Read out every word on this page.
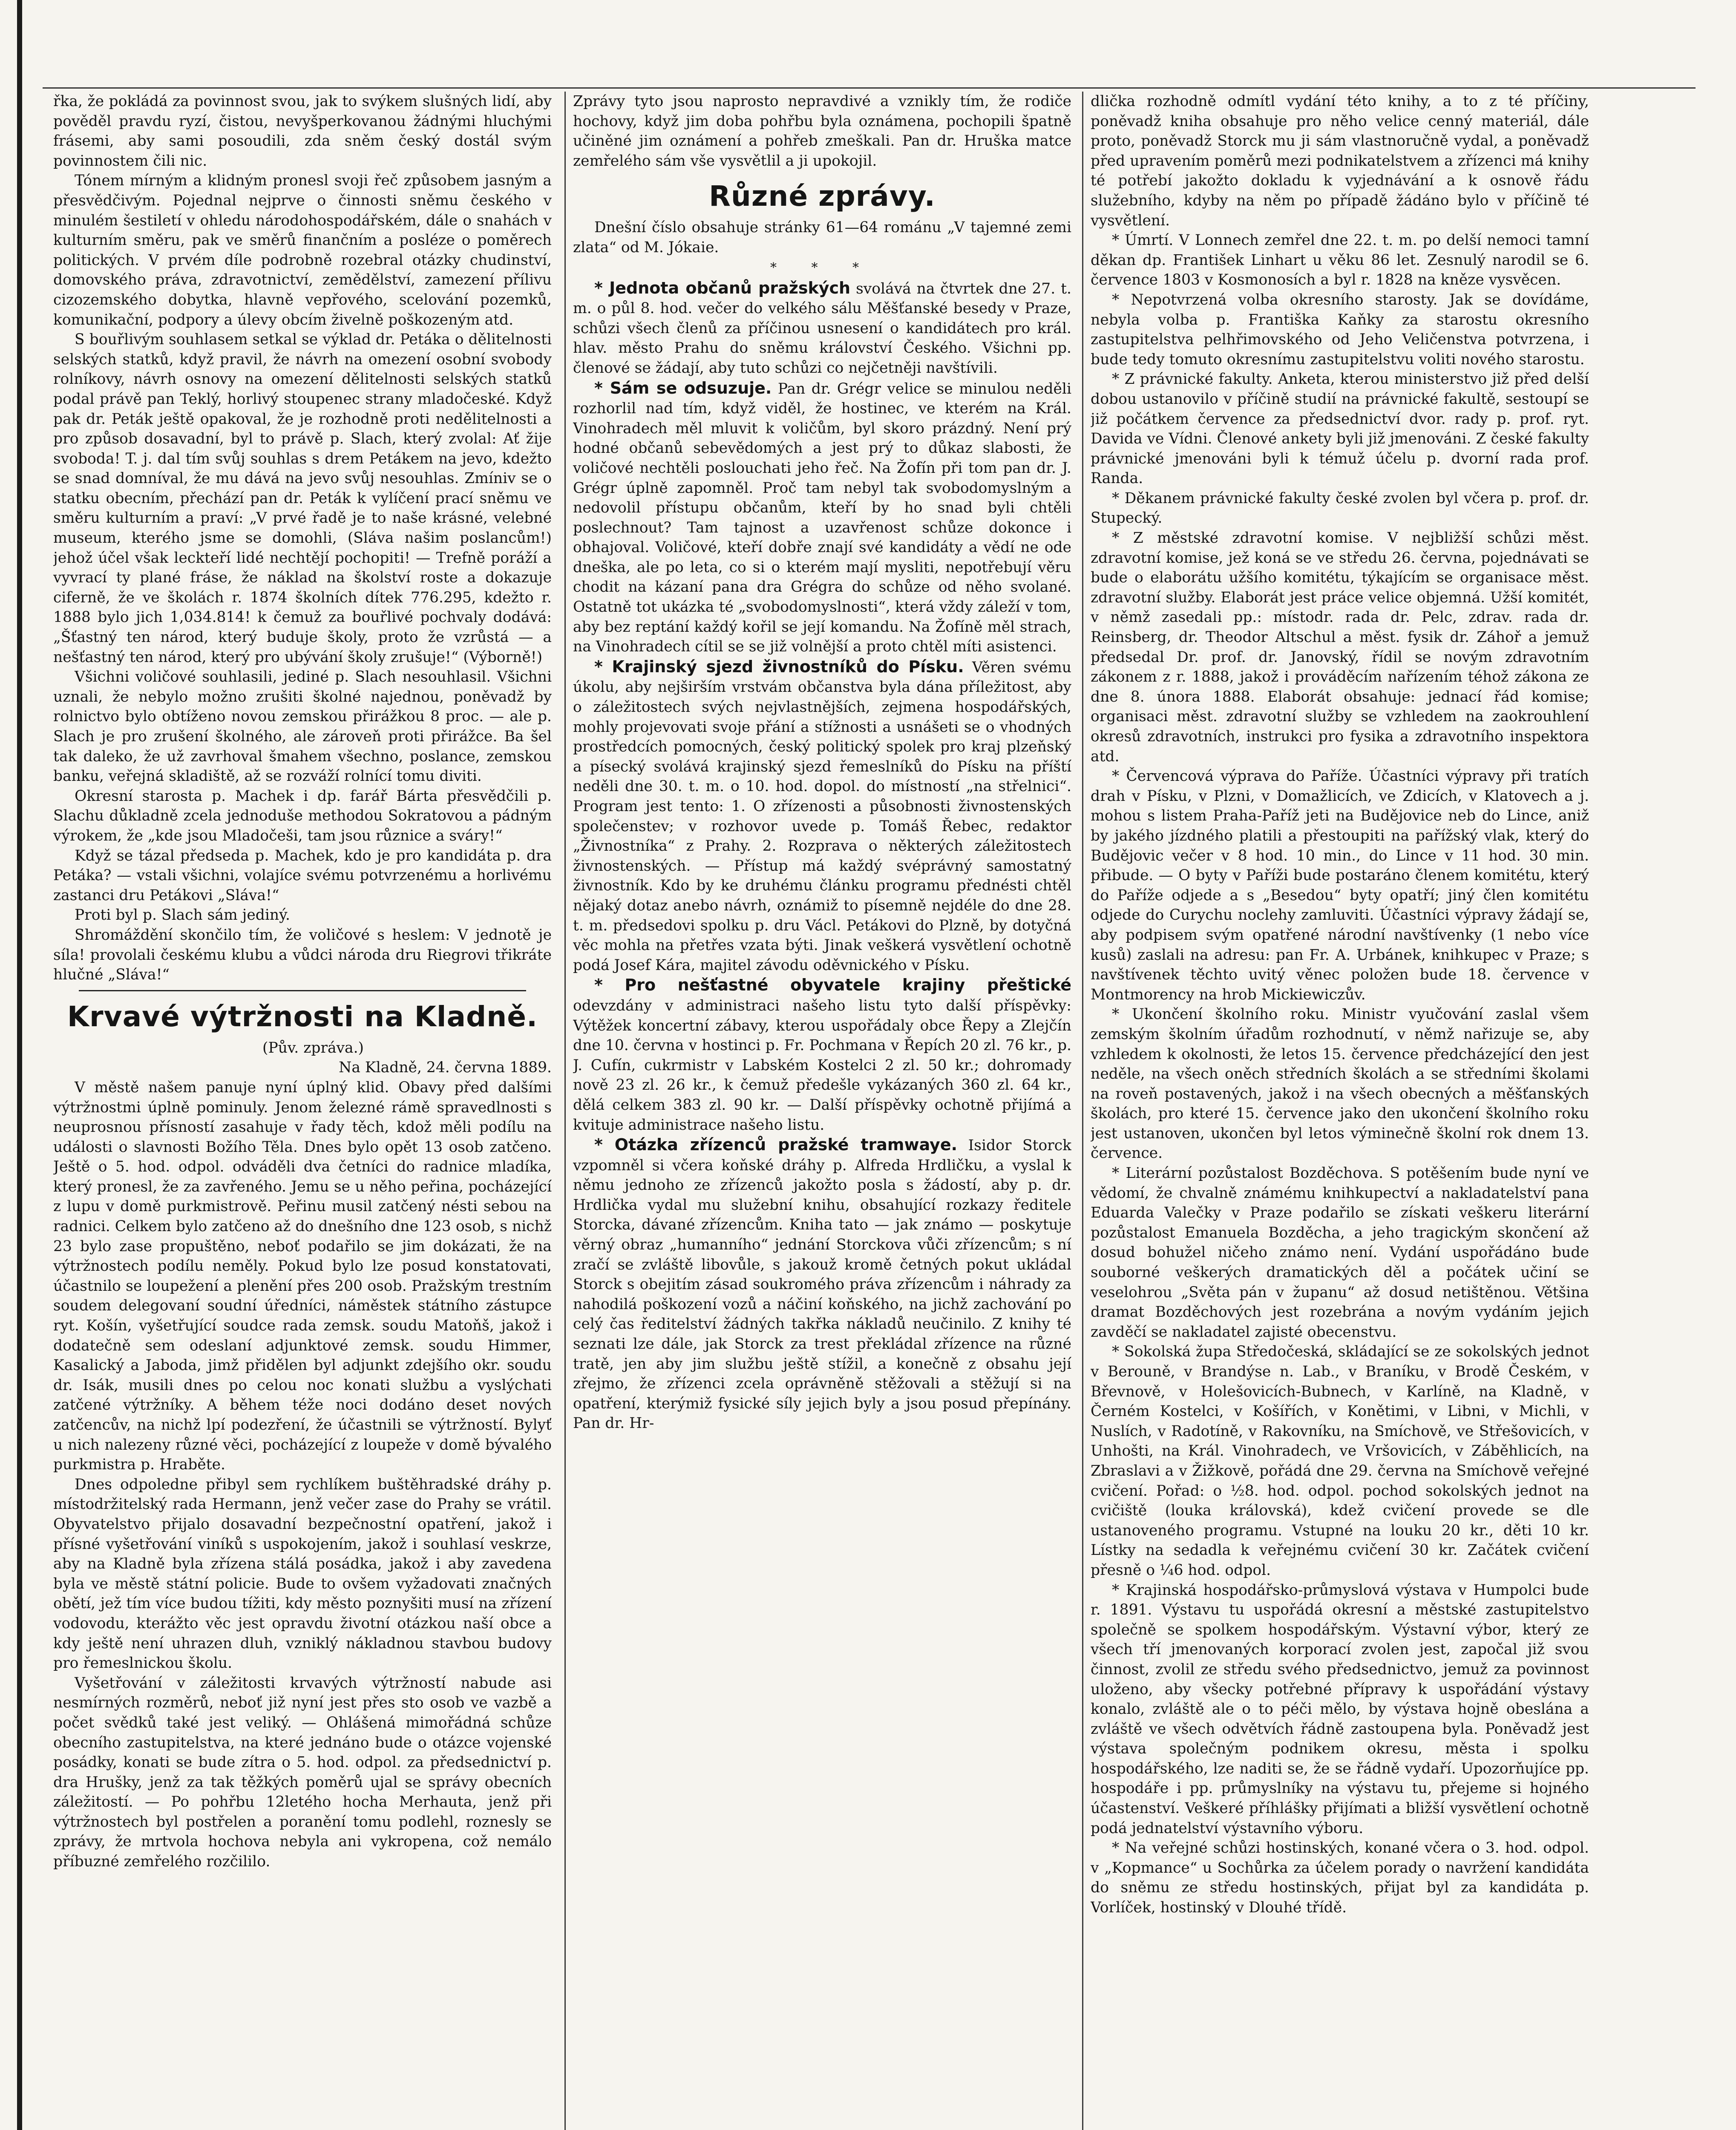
řka, že pokládá za povinnost svou, jak to svýkem slušných lidí, aby pověděl pravdu ryzí, čistou, nevyšperkovanou žádnými hluchými frásemi, aby sami posoudili, zda sněm český dostál svým povinnostem čili nic.

Tónem mírným a klidným pronesl svoji řeč způsobem jasným a přesvědčivým. Pojednal nejprve o činnosti sněmu českého v minulém šestiletí v ohledu národohospodářském, dále o snahách v kulturním směru, pak ve směrů finančním a posléze o poměrech politických. V prvém díle podrobně rozebral otázky chudinství, domovského práva, zdravotnictví, zemědělství, zamezení přílivu cizozemského dobytka, hlavně vepřového, scelování pozemků, komunikační, podpory a úlevy obcím živelně poškozeným atd.

S bouřlivým souhlasem setkal se výklad dr. Petáka o dělitelnosti selských statků, když pravil, že návrh na omezení osobní svobody rolníkovy, návrh osnovy na omezení dělitelnosti selských statků podal právě pan Teklý, horlivý stoupenec strany mladočeské. Když pak dr. Peták ještě opakoval, že je rozhodně proti nedělitelnosti a pro způsob dosavadní, byl to právě p. Slach, který zvolal: Ať žije svoboda! T. j. dal tím svůj souhlas s drem Petákem na jevo, kdežto se snad domníval, že mu dává na jevo svůj nesouhlas. Zmíniv se o statku obecním, přechází pan dr. Peták k vylíčení prací sněmu ve směru kulturním a praví: „V prvé řadě je to naše krásné, velebné museum, kterého jsme se domohli, (Sláva našim poslancům!) jehož účel však leckteří lidé nechtějí pochopiti! — Trefně poráží a vyvrací ty plané fráse, že náklad na školství roste a dokazuje ciferně, že ve školách r. 1874 školních dítek 776.295, kdežto r. 1888 bylo jich 1,034.814! k čemuž za bouřlivé pochvaly dodává: „Šťastný ten národ, který buduje školy, proto že vzrůstá — a nešťastný ten národ, který pro ubývání školy zrušuje!“ (Výborně!)

Všichni voličové souhlasili, jediné p. Slach nesouhlasil. Všichni uznali, že nebylo možno zrušiti školné najednou, poněvadž by rolnictvo bylo obtíženo novou zemskou přirážkou 8 proc. — ale p. Slach je pro zrušení školného, ale zároveň proti přirážce. Ba šel tak daleko, že už zavrhoval šmahem všechno, poslance, zemskou banku, veřejná skladiště, až se rozváží rolnící tomu diviti.

Okresní starosta p. Machek i dp. farář Bárta přesvědčili p. Slachu důkladně zcela jednoduše methodou Sokratovou a pádným výrokem, že „kde jsou Mladočeši, tam jsou různice a sváry!“

Když se tázal předseda p. Machek, kdo je pro kandidáta p. dra Petáka? — vstali všichni, volajíce svému potvrzenému a horlivému zastanci dru Petákovi „Sláva!“

Proti byl p. Slach sám jediný.

Shromáždění skončilo tím, že voličové s heslem: V jednotě je síla! provolali českému klubu a vůdci národa dru Riegrovi třikráte hlučné „Sláva!“

Krvavé výtržnosti na Kladně.

(Pův. zpráva.)

Na Kladně, 24. června 1889.

V městě našem panuje nyní úplný klid. Obavy před dalšími výtržnostmi úplně pominuly. Jenom železné rámě spravedlnosti s neuprosnou přísností zasahuje v řady těch, kdož měli podílu na události o slavnosti Božího Těla. Dnes bylo opět 13 osob zatčeno. Ještě o 5. hod. odpol. odváděli dva četníci do radnice mladíka, který pronesl, že za zavřeného. Jemu se u něho peřina, pocházející z lupu v domě purkmistrově. Peřinu musil zatčený nésti sebou na radnici. Celkem bylo zatčeno až do dnešního dne 123 osob, s nichž 23 bylo zase propuštěno, neboť podařilo se jim dokázati, že na výtržnostech podílu neměly. Pokud bylo lze posud konstatovati, účastnilo se loupežení a plenění přes 200 osob. Pražským trestním soudem delegovaní soudní úředníci, náměstek státního zástupce ryt. Košín, vyšetřující soudce rada zemsk. soudu Matoňš, jakož i dodatečně sem odeslaní adjunktové zemsk. soudu Himmer, Kasalický a Jaboda, jimž přidělen byl adjunkt zdejšího okr. soudu dr. Isák, musili dnes po celou noc konati službu a vyslýchati zatčené výtržníky. A během téže noci dodáno deset nových zatčencův, na nichž lpí podezření, že účastnili se výtržností. Bylyť u nich nalezeny různé věci, pocházející z loupeže v domě bývalého purkmistra p. Hraběte.

Dnes odpoledne přibyl sem rychlíkem buštěhradské dráhy p. místodržitelský rada Hermann, jenž večer zase do Prahy se vrátil. Obyvatelstvo přijalo dosavadní bezpečnostní opatření, jakož i přísné vyšetřování viníků s uspokojením, jakož i souhlasí veskrze, aby na Kladně byla zřízena stálá posádka, jakož i aby zavedena byla ve městě státní policie. Bude to ovšem vyžadovati značných obětí, jež tím více budou tížiti, kdy město poznyšiti musí na zřízení vodovodu, kterážto věc jest opravdu životní otázkou naší obce a kdy ještě není uhrazen dluh, vzniklý nákladnou stavbou budovy pro řemeslnickou školu.

Vyšetřování v záležitosti krvavých výtržností nabude asi nesmírných rozměrů, neboť již nyní jest přes sto osob ve vazbě a počet svědků také jest veliký. — Ohlášená mimořádná schůze obecního zastupitelstva, na které jednáno bude o otázce vojenské posádky, konati se bude zítra o 5. hod. odpol. za předsednictví p. dra Hrušky, jenž za tak těžkých poměrů ujal se správy obecních záležitostí. — Po pohřbu 12letého hocha Merhauta, jenž při výtržnostech byl postřelen a poranění tomu podlehl, roznesly se zprávy, že mrtvola hochova nebyla ani vykropena, což nemálo příbuzné zemřelého rozčililo.

Zprávy tyto jsou naprosto nepravdivé a vznikly tím, že rodiče hochovy, když jim doba pohřbu byla oznámena, pochopili špatně učiněné jim oznámení a pohřeb zmeškali. Pan dr. Hruška matce zemřelého sám vše vysvětlil a ji upokojil.

Různé zprávy.

Dnešní číslo obsahuje stránky 61—64 románu „V tajemné zemi zlata“ od M. Jókaie.

* * *

* Jednota občanů pražských svolává na čtvrtek dne 27. t. m. o půl 8. hod. večer do velkého sálu Měšťanské besedy v Praze, schůzi všech členů za příčinou usnesení o kandidátech pro král. hlav. město Prahu do sněmu království Českého. Všichni pp. členové se žádají, aby tuto schůzi co nejčetněji navštívili.

* Sám se odsuzuje. Pan dr. Grégr velice se minulou neděli rozhorlil nad tím, když viděl, že hostinec, ve kterém na Král. Vinohradech měl mluvit k voličům, byl skoro prázdný. Není prý hodné občanů sebevědomých a jest prý to důkaz slabosti, že voličové nechtěli poslouchati jeho řeč. Na Žofín při tom pan dr. J. Grégr úplně zapomněl. Proč tam nebyl tak svobodomyslným a nedovolil přístupu občanům, kteří by ho snad byli chtěli poslechnout? Tam tajnost a uzavřenost schůze dokonce i obhajoval. Voličové, kteří dobře znají své kandidáty a vědí ne ode dneška, ale po leta, co si o kterém mají mysliti, nepotřebují věru chodit na kázaní pana dra Grégra do schůze od něho svolané. Ostatně tot ukázka té „svobodomyslnosti“, která vždy záleží v tom, aby bez reptání každý kořil se její komandu. Na Žofíně měl strach, na Vinohradech cítil se se již volnější a proto chtěl míti asistenci.

* Krajinský sjezd živnostníků do Písku. Věren svému úkolu, aby nejširším vrstvám občanstva byla dána příležitost, aby o záležitostech svých nejvlastnějších, zejmena hospodářských, mohly projevovati svoje přání a stížnosti a usnášeti se o vhodných prostředcích pomocných, český politický spolek pro kraj plzeňský a písecký svolává krajinský sjezd řemeslníků do Písku na příští neděli dne 30. t. m. o 10. hod. dopol. do místností „na střelnici“. Program jest tento: 1. O zřízenosti a působnosti živnostenských společenstev; v rozhovor uvede p. Tomáš Řebec, redaktor „Živnostníka“ z Prahy. 2. Rozprava o některých záležitostech živnostenských. — Přístup má každý svéprávný samostatný živnostník. Kdo by ke druhému článku programu přednésti chtěl nějaký dotaz anebo návrh, oznámiž to písemně nejdéle do dne 28. t. m. předsedovi spolku p. dru Václ. Petákovi do Plzně, by dotyčná věc mohla na přetřes vzata býti. Jinak veškerá vysvětlení ochotně podá Josef Kára, majitel závodu oděvnického v Písku.

* Pro nešťastné obyvatele krajiny přeštické odevzdány v administraci našeho listu tyto další příspěvky: Výtěžek koncertní zábavy, kterou uspořádaly obce Řepy a Zlejčín dne 10. června v hostinci p. Fr. Pochmana v Řepích 20 zl. 76 kr., p. J. Cufín, cukrmistr v Labském Kostelci 2 zl. 50 kr.; dohromady nově 23 zl. 26 kr., k čemuž předešle vykázaných 360 zl. 64 kr., dělá celkem 383 zl. 90 kr. — Další příspěvky ochotně přijímá a kvituje administrace našeho listu.

* Otázka zřízenců pražské tramwaye. Isidor Storck vzpomněl si včera koňské dráhy p. Alfreda Hrdličku, a vyslal k němu jednoho ze zřízenců jakožto posla s žádostí, aby p. dr. Hrdlička vydal mu služební knihu, obsahující rozkazy ředitele Storcka, dávané zřízencům. Kniha tato — jak známo — poskytuje věrný obraz „humanního“ jednání Storckova vůči zřízencům; s ní zračí se zvláště libovůle, s jakouž kromě četných pokut ukládal Storck s obejitím zásad soukromého práva zřízencům i náhrady za nahodilá poškození vozů a náčiní koňského, na jichž zachování po celý čas ředitelství žádných takřka nákladů neučinilo. Z knihy té seznati lze dále, jak Storck za trest překládal zřízence na různé tratě, jen aby jim službu ještě stížil, a konečně z obsahu její zřejmo, že zřízenci zcela oprávněně stěžovali a stěžují si na opatření, kterýmiž fysické síly jejich byly a jsou posud přepínány. Pan dr. Hr-

dlička rozhodně odmítl vydání této knihy, a to z té příčiny, poněvadž kniha obsahuje pro něho velice cenný materiál, dále proto, poněvadž Storck mu ji sám vlastnoručně vydal, a poněvadž před upravením poměrů mezi podnikatelstvem a zřízenci má knihy té potřebí jakožto dokladu k vyjednávání a k osnově řádu služebního, kdyby na něm po případě žádáno bylo v příčině té vysvětlení.

* Úmrtí. V Lonnech zemřel dne 22. t. m. po delší nemoci tamní děkan dp. František Linhart u věku 86 let. Zesnulý narodil se 6. července 1803 v Kosmonosích a byl r. 1828 na kněze vysvěcen.

* Nepotvrzená volba okresního starosty. Jak se dovídáme, nebyla volba p. Františka Kaňky za starostu okresního zastupitelstva pelhřimovského od Jeho Veličenstva potvrzena, i bude tedy tomuto okresnímu zastupitelstvu voliti nového starostu.

* Z právnické fakulty. Anketa, kterou ministerstvo již před delší dobou ustanovilo v příčině studií na právnické fakultě, sestoupí se již počátkem července za předsednictví dvor. rady p. prof. ryt. Davida ve Vídni. Členové ankety byli již jmenováni. Z české fakulty právnické jmenováni byli k témuž účelu p. dvorní rada prof. Randa.

* Děkanem právnické fakulty české zvolen byl včera p. prof. dr. Stupecký.

* Z městské zdravotní komise. V nejbližší schůzi měst. zdravotní komise, jež koná se ve středu 26. června, pojednávati se bude o elaborátu užšího komitétu, týkajícím se organisace měst. zdravotní služby. Elaborát jest práce velice objemná. Užší komitét, v němž zasedali pp.: místodr. rada dr. Pelc, zdrav. rada dr. Reinsberg, dr. Theodor Altschul a měst. fysik dr. Záhoř a jemuž předsedal Dr. prof. dr. Janovský, řídil se novým zdravotním zákonem z r. 1888, jakož i prováděcím nařízením téhož zákona ze dne 8. února 1888. Elaborát obsahuje: jednací řád komise; organisaci měst. zdravotní služby se vzhledem na zaokrouhlení okresů zdravotních, instrukci pro fysika a zdravotního inspektora atd.

* Červencová výprava do Paříže. Účastníci výpravy při tratích drah v Písku, v Plzni, v Domažlicích, ve Zdicích, v Klatovech a j. mohou s listem Praha-Paříž jeti na Budějovice neb do Lince, aniž by jakého jízdného platili a přestoupiti na pařížský vlak, který do Budějovic večer v 8 hod. 10 min., do Lince v 11 hod. 30 min. přibude. — O byty v Paříži bude postaráno členem komitétu, který do Paříže odjede a s „Besedou“ byty opatří; jiný člen komitétu odjede do Curychu noclehy zamluviti. Účastníci výpravy žádají se, aby podpisem svým opatřené národní navštívenky (1 nebo více kusů) zaslali na adresu: pan Fr. A. Urbánek, knihkupec v Praze; s navštívenek těchto uvitý věnec položen bude 18. července v Montmorency na hrob Mickiewiczův.

* Ukončení školního roku. Ministr vyučování zaslal všem zemským školním úřadům rozhodnutí, v němž nařizuje se, aby vzhledem k okolnosti, že letos 15. července předcházející den jest neděle, na všech oněch středních školách a se středními školami na roveň postavených, jakož i na všech obecných a měšťanských školách, pro které 15. července jako den ukončení školního roku jest ustanoven, ukončen byl letos výminečně školní rok dnem 13. července.

* Literární pozůstalost Bozděchova. S potěšením bude nyní ve vědomí, že chvalně známému knihkupectví a nakladatelství pana Eduarda Valečky v Praze podařilo se získati veškeru literární pozůstalost Emanuela Bozděcha, a jeho tragickým skončení až dosud bohužel ničeho známo není. Vydání uspořádáno bude souborné veškerých dramatických děl a počátek učiní se veselohrou „Světa pán v županu“ až dosud netištěnou. Většina dramat Bozděchových jest rozebrána a novým vydáním jejich zavděčí se nakladatel zajisté obecenstvu.

* Sokolská župa Středočeská, skládající se ze sokolských jednot v Berouně, v Brandýse n. Lab., v Braníku, v Brodě Českém, v Břevnově, v Holešovicích-Bubnech, v Karlíně, na Kladně, v Černém Kostelci, v Košířích, v Konětimi, v Libni, v Michli, v Nuslích, v Radotíně, v Rakovníku, na Smíchově, ve Střešovicích, v Unhošti, na Král. Vinohradech, ve Vršovicích, v Záběhlicích, na Zbraslavi a v Žižkově, pořádá dne 29. června na Smíchově veřejné cvičení. Pořad: o ½8. hod. odpol. pochod sokolských jednot na cvičiště (louka královská), kdež cvičení provede se dle ustanoveného programu. Vstupné na louku 20 kr., děti 10 kr. Lístky na sedadla k veřejnému cvičení 30 kr. Začátek cvičení přesně o ¼6 hod. odpol.

* Krajinská hospodářsko-průmyslová výstava v Humpolci bude r. 1891. Výstavu tu uspořádá okresní a městské zastupitelstvo společně se spolkem hospodářským. Výstavní výbor, který ze všech tří jmenovaných korporací zvolen jest, započal již svou činnost, zvolil ze středu svého předsednictvo, jemuž za povinnost uloženo, aby všecky potřebné přípravy k uspořádání výstavy konalo, zvláště ale o to péči mělo, by výstava hojně obeslána a zvláště ve všech odvětvích řádně zastoupena byla. Poněvadž jest výstava společným podnikem okresu, města i spolku hospodářského, lze naditi se, že se řádně vydaří. Upozorňujíce pp. hospodáře i pp. průmyslníky na výstavu tu, přejeme si hojného účastenství. Veškeré příhlášky přijímati a bližší vysvětlení ochotně podá jednatelství výstavního výboru.

* Na veřejné schůzi hostinských, konané včera o 3. hod. odpol. v „Kopmance“ u Sochůrka za účelem porady o navržení kandidáta do sněmu ze středu hostinských, přijat byl za kandidáta p. Vorlíček, hostinský v Dlouhé třídě.
